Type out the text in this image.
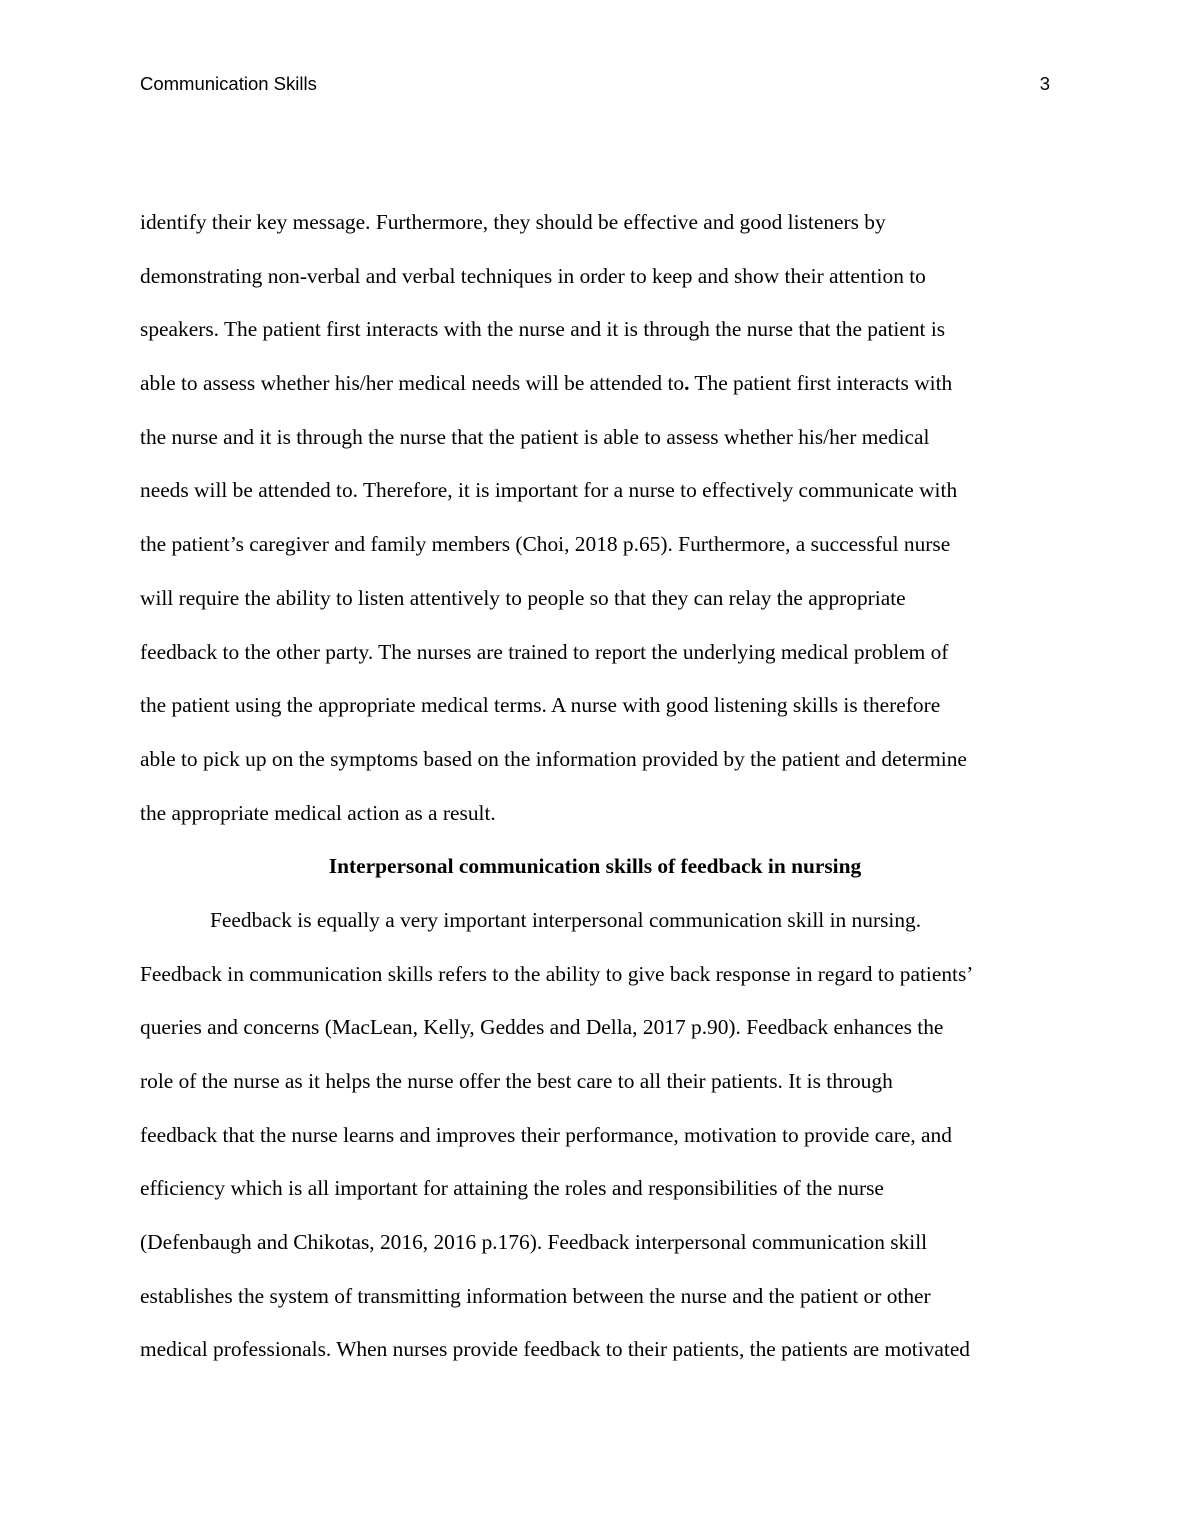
Communication Skills	3
identify their key message. Furthermore, they should be effective and good listeners by
demonstrating non-verbal and verbal techniques in order to keep and show their attention to
speakers. The patient first interacts with the nurse and it is through the nurse that the patient is
able to assess whether his/her medical needs will be attended to. The patient first interacts with
the nurse and it is through the nurse that the patient is able to assess whether his/her medical
needs will be attended to. Therefore, it is important for a nurse to effectively communicate with
the patient’s caregiver and family members (Choi, 2018 p.65). Furthermore, a successful nurse
will require the ability to listen attentively to people so that they can relay the appropriate
feedback to the other party. The nurses are trained to report the underlying medical problem of
the patient using the appropriate medical terms. A nurse with good listening skills is therefore
able to pick up on the symptoms based on the information provided by the patient and determine
the appropriate medical action as a result.
Interpersonal communication skills of feedback in nursing
Feedback is equally a very important interpersonal communication skill in nursing.
Feedback in communication skills refers to the ability to give back response in regard to patients’
queries and concerns (MacLean, Kelly, Geddes and Della, 2017 p.90). Feedback enhances the
role of the nurse as it helps the nurse offer the best care to all their patients. It is through
feedback that the nurse learns and improves their performance, motivation to provide care, and
efficiency which is all important for attaining the roles and responsibilities of the nurse
(Defenbaugh and Chikotas, 2016, 2016 p.176). Feedback interpersonal communication skill
establishes the system of transmitting information between the nurse and the patient or other
medical professionals. When nurses provide feedback to their patients, the patients are motivated
